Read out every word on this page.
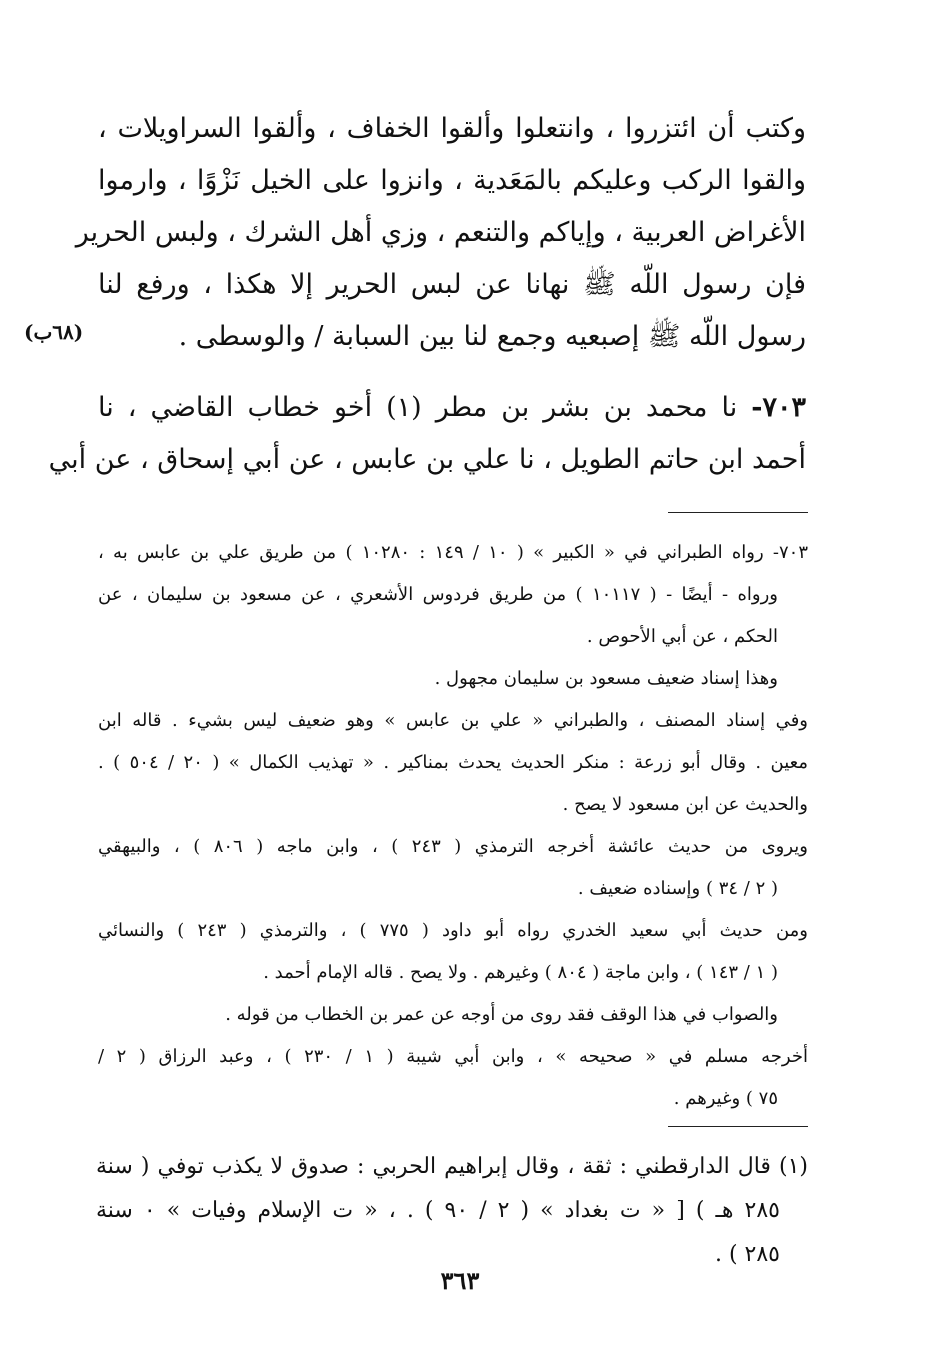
وكتب أن ائتزروا ، وانتعلوا وألقوا الخفاف ، وألقوا السراويلات ،
والقوا الركب وعليكم بالمَعَدية ، وانزوا على الخيل نَزْوًا ، وارموا
الأغراض العربية ، وإياكم والتنعم ، وزي أهل الشرك ، ولبس الحرير
فإن رسول اللّه ﷺ نهانا عن لبس الحرير إلا هكذا ، ورفع لنا
رسول اللّه ﷺ إصبعيه وجمع لنا بين السبابة / والوسطى .
(٦٨ب)
٧٠٣- نا محمد بن بشر بن مطر (١) أخو خطاب القاضي ، نا
أحمد ابن حاتم الطويل ، نا علي بن عابس ، عن أبي إسحاق ، عن أبي
٧٠٣- رواه الطبراني في « الكبير » ( ١٠ / ١٤٩ : ١٠٢٨٠ ) من طريق علي بن عابس به ،
ورواه - أيضًا - ( ١٠١١٧ ) من طريق فردوس الأشعري ، عن مسعود بن سليمان ، عن
الحكم ، عن أبي الأحوص .
وهذا إسناد ضعيف مسعود بن سليمان مجهول .
وفي إسناد المصنف ، والطبراني « علي بن عابس » وهو ضعيف ليس بشيء . قاله ابن
معين . وقال أبو زرعة : منكر الحديث يحدث بمناكير . « تهذيب الكمال » ( ٢٠ / ٥٠٤ ) .
والحديث عن ابن مسعود لا يصح .
ويروى من حديث عائشة أخرجه الترمذي ( ٢٤٣ ) ، وابن ماجه ( ٨٠٦ ) ، والبيهقي
( ٢ / ٣٤ ) وإسناده ضعيف .
ومن حديث أبي سعيد الخدري رواه أبو داود ( ٧٧٥ ) ، والترمذي ( ٢٤٣ ) والنسائي
( ١ / ١٤٣ ) ، وابن ماجة ( ٨٠٤ ) وغيرهم . ولا يصح . قاله الإمام أحمد .
والصواب في هذا الوقف فقد روى من أوجه عن عمر بن الخطاب من قوله .
أخرجه مسلم في « صحيحه » ، وابن أبي شيبة ( ١ / ٢٣٠ ) ، وعبد الرزاق ( ٢ /
٧٥ ) وغيرهم .
(١) قال الدارقطني : ثقة ، وقال إبراهيم الحربي : صدوق لا يكذب توفي ( سنة
٢٨٥ هـ ) [ « ت بغداد » ( ٢ / ٩٠ ) . ، « ت الإسلام وفيات » ٠ سنة
٢٨٥ ) .
٣٦٣
